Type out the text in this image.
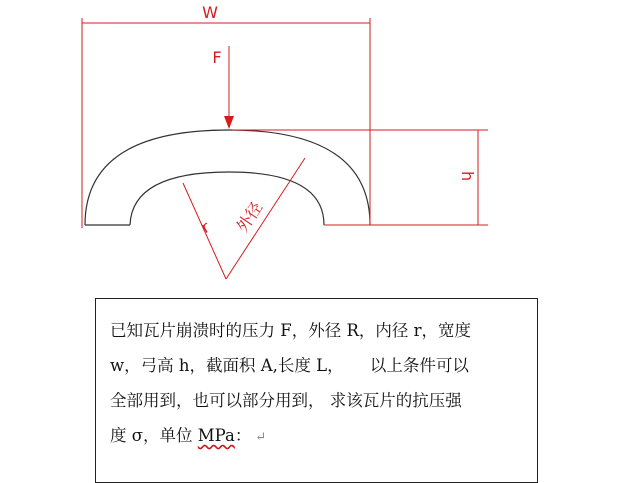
W
F
h
r 外径
已知瓦片崩溃时的压力 F，外径 R，内径 r，宽度
w，弓高 h，截面积 A,长度 L，     以上条件可以
全部用到，也可以部分用到， 求该瓦片的抗压强
度 σ，单位 MPa： ↵
